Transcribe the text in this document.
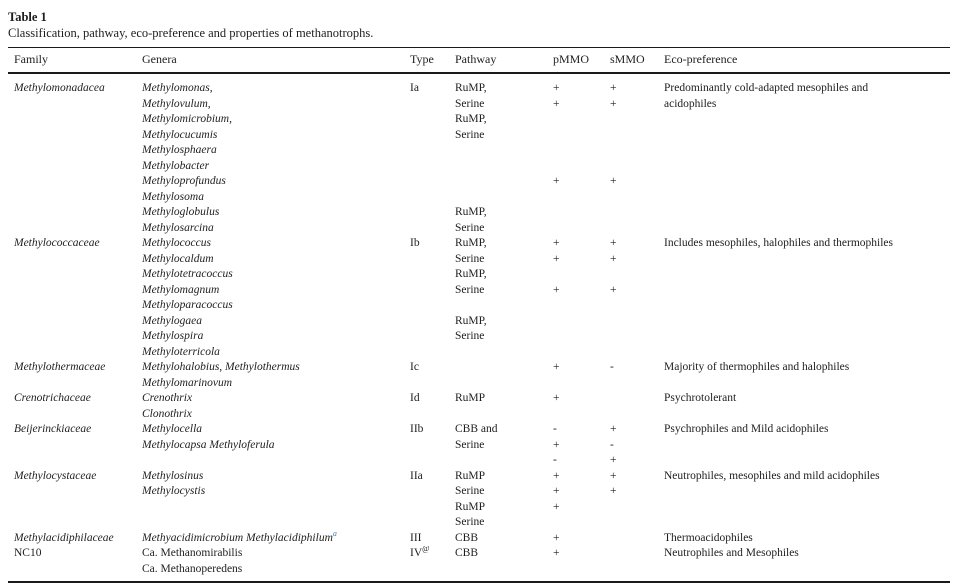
Table 1
Classification, pathway, eco-preference and properties of methanotrophs.
Family	Genera	Type	Pathway	pMMO	sMMO	Eco-preference
Methylomonadacea	Methylomonas,	Ia	RuMP,	+	+	Predominantly cold-adapted mesophiles and
	Methylovulum,		Serine	+	+	acidophiles
	Methylomicrobium,		RuMP,			
	Methylocucumis		Serine			
	Methylosphaera					
	Methylobacter					
	Methyloprofundus			+	+	
	Methylosoma					
	Methyloglobulus		RuMP,			
	Methylosarcina		Serine			
Methylococcaceae	Methylococcus	Ib	RuMP,	+	+	Includes mesophiles, halophiles and thermophiles
	Methylocaldum		Serine	+	+	
	Methylotetracoccus		RuMP,			
	Methylomagnum		Serine	+	+	
	Methyloparacoccus					
	Methylogaea		RuMP,			
	Methylospira		Serine			
	Methyloterricola					
Methylothermaceae	Methylohalobius, Methylothermus	Ic		+	-	Majority of thermophiles and halophiles
	Methylomarinovum					
Crenotrichaceae	Crenothrix	Id	RuMP	+		Psychrotolerant
	Clonothrix					
Beijerinckiaceae	Methylocella	IIb	CBB and	-	+	Psychrophiles and Mild acidophiles
	Methylocapsa Methyloferula		Serine	+	-	
				-	+	
Methylocystaceae	Methylosinus	IIa	RuMP	+	+	Neutrophiles, mesophiles and mild acidophiles
	Methylocystis		Serine	+	+	
			RuMP	+		
			Serine			
Methylacidiphilaceae	Methyacidimicrobium Methylacidiphilum$^a$	III	CBB	+		Thermoacidophiles
NC10	Ca. Methanomirabilis	IV@	CBB	+		Neutrophiles and Mesophiles
	Ca. Methanoperedens					
